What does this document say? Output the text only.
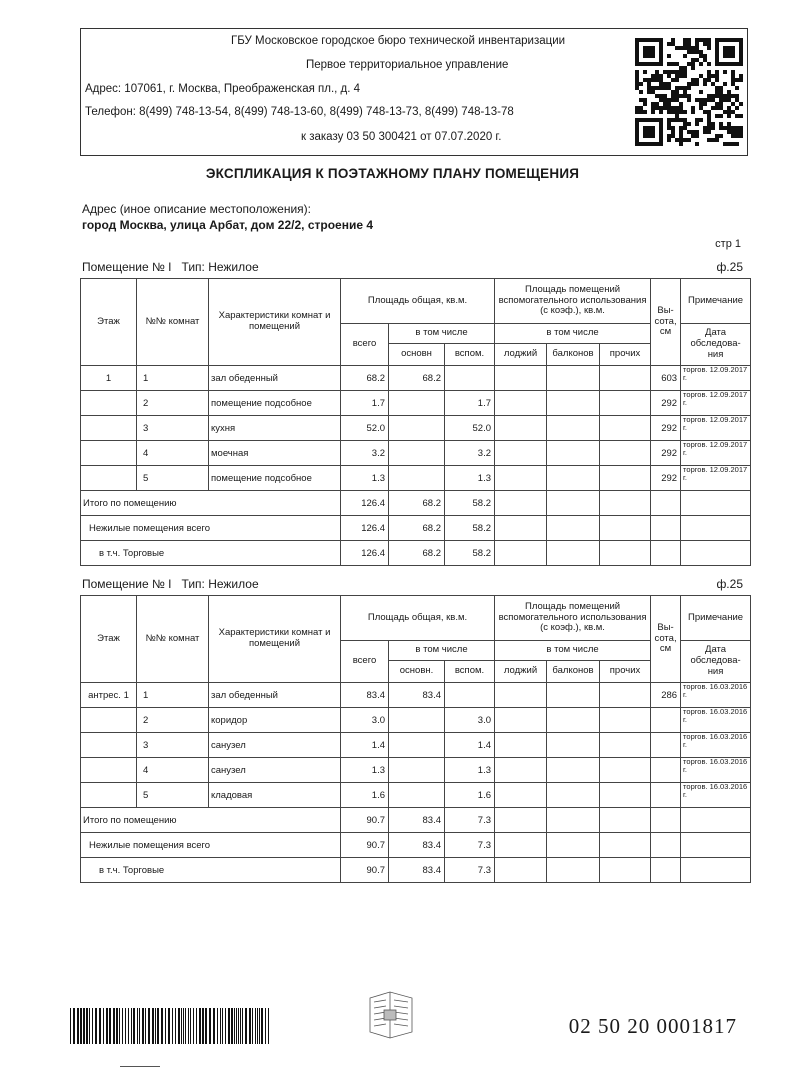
ГБУ Московское городское бюро технической инвентаризации
Первое территориальное управление
Адрес: 107061, г. Москва, Преображенская пл., д. 4
Телефон: 8(499) 748-13-54, 8(499) 748-13-60, 8(499) 748-13-73, 8(499) 748-13-78
к заказу 03 50 300421 от 07.07.2020 г.
ЭКСПЛИКАЦИЯ К ПОЭТАЖНОМУ ПЛАНУ ПОМЕЩЕНИЯ
Адрес (иное описание местоположения):
город Москва, улица Арбат, дом 22/2, строение 4
стр 1
Помещение № I Тип: Нежилое	ф.25
Этаж	№№ комнат	Характеристики комнат и помещений	Площадь общая, кв.м.			Площадь помещений вспомогательного использования (с коэф.), кв.м.			Вы-сота, см	Примечание
			всего	в том числе		в том числе				Дата обследова-ния
				основн	вспом.	лоджий	балконов	прочих		
1	1	зал обеденный	68.2	68.2					603	торгов. 12.09.2017 г.
	2	помещение подсобное	1.7		1.7				292	торгов. 12.09.2017 г.
	3	кухня	52.0		52.0				292	торгов. 12.09.2017 г.
	4	моечная	3.2		3.2				292	торгов. 12.09.2017 г.
	5	помещение подсобное	1.3		1.3				292	торгов. 12.09.2017 г.
Итого по помещению			126.4	68.2	58.2					
Нежилые помещения всего			126.4	68.2	58.2					
в т.ч. Торговые			126.4	68.2	58.2					
Помещение № I Тип: Нежилое	ф.25
Этаж	№№ комнат	Характеристики комнат и помещений	Площадь общая, кв.м.			Площадь помещений вспомогательного использования (с коэф.), кв.м.			Вы-сота, см	Примечание
			всего	в том числе		в том числе				Дата обследова-ния
				основн.	вспом.	лоджий	балконов	прочих		
антрес. 1	1	зал обеденный	83.4	83.4					286	торгов. 16.03.2016 г.
	2	коридор	3.0		3.0					торгов. 16.03.2016 г.
	3	санузел	1.4		1.4					торгов. 16.03.2016 г.
	4	санузел	1.3		1.3					торгов. 16.03.2016 г.
	5	кладовая	1.6		1.6					торгов. 16.03.2016 г.
Итого по помещению			90.7	83.4	7.3					
Нежилые помещения всего			90.7	83.4	7.3					
в т.ч. Торговые			90.7	83.4	7.3					
02 50 20 0001817
